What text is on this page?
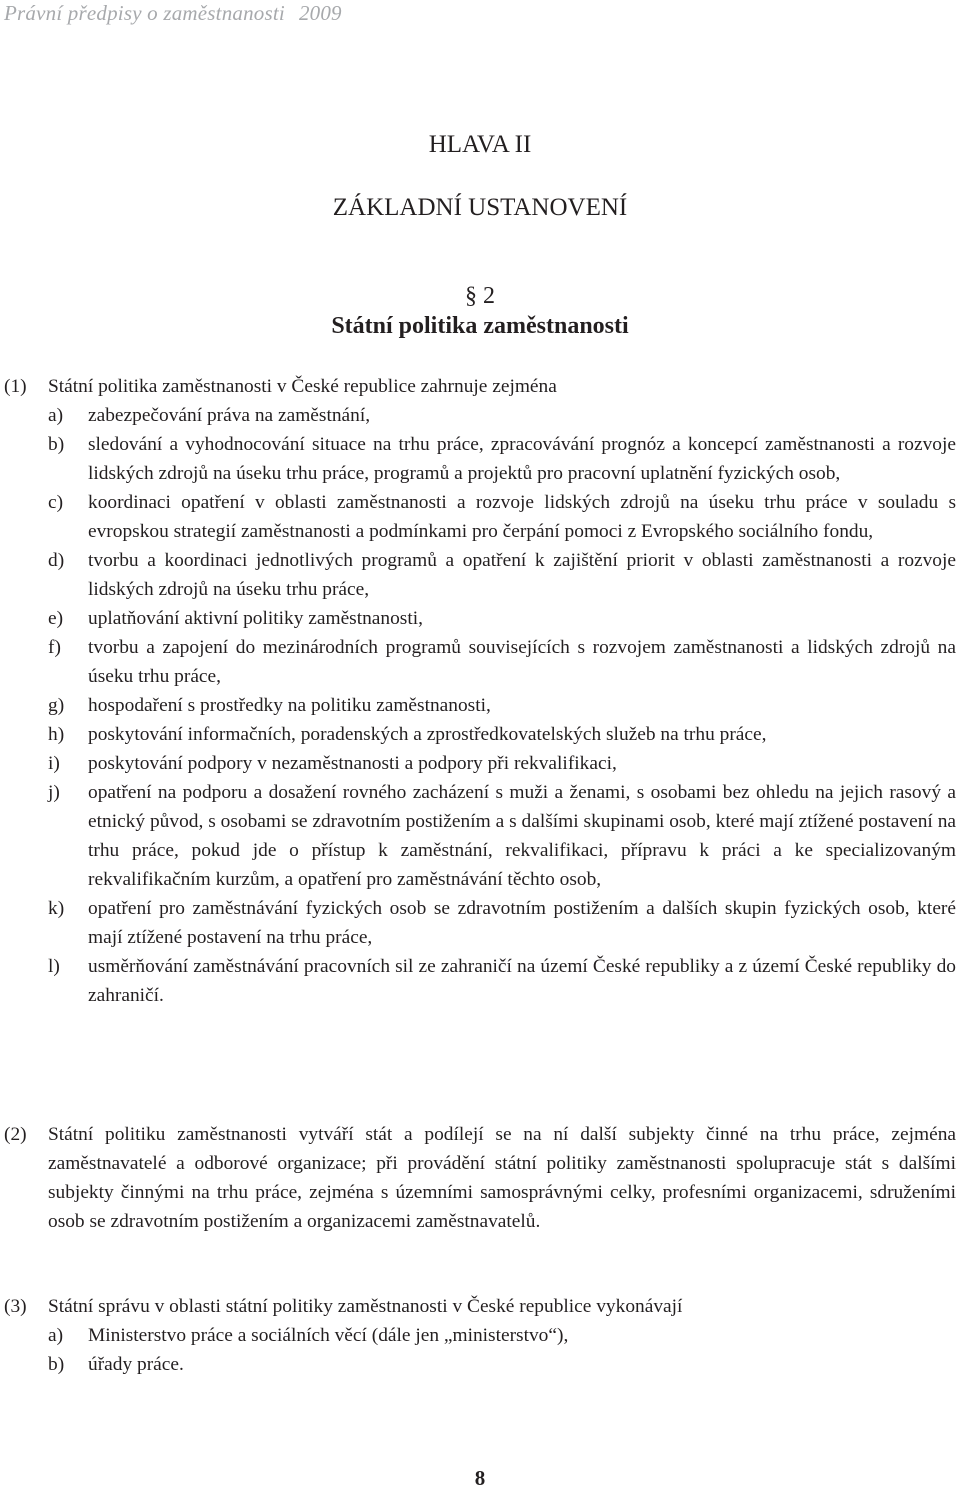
Právní předpisy o zaměstnanosti 2009
HLAVA II
ZÁKLADNÍ USTANOVENÍ
§ 2
Státní politika zaměstnanosti
(1)	Státní politika zaměstnanosti v České republice zahrnuje zejména
a)	zabezpečování práva na zaměstnání,
b)	sledování a vyhodnocování situace na trhu práce, zpracovávání prognóz a koncepcí zaměstnanosti a rozvoje lidských zdrojů na úseku trhu práce, programů a projektů pro pracovní uplatnění fyzických osob,
c)	koordinaci opatření v oblasti zaměstnanosti a rozvoje lidských zdrojů na úseku trhu práce v souladu s evropskou strategií zaměstnanosti a podmínkami pro čerpání pomoci z Evropského sociálního fondu,
d)	tvorbu a koordinaci jednotlivých programů a opatření k zajištění priorit v oblasti zaměstnanosti a rozvoje lidských zdrojů na úseku trhu práce,
e)	uplatňování aktivní politiky zaměstnanosti,
f)	tvorbu a zapojení do mezinárodních programů souvisejících s rozvojem zaměstnanosti a lidských zdrojů na úseku trhu práce,
g)	hospodaření s prostředky na politiku zaměstnanosti,
h)	poskytování informačních, poradenských a zprostředkovatelských služeb na trhu práce,
i)	poskytování podpory v nezaměstnanosti a podpory při rekvalifikaci,
j)	opatření na podporu a dosažení rovného zacházení s muži a ženami, s osobami bez ohledu na jejich rasový a etnický původ, s osobami se zdravotním postižením a s dalšími skupinami osob, které mají ztížené postavení na trhu práce, pokud jde o přístup k zaměstnání, rekvalifikaci, přípravu k práci a ke specializovaným rekvalifikačním kurzům, a opatření pro zaměstnávání těchto osob,
k)	opatření pro zaměstnávání fyzických osob se zdravotním postižením a dalších skupin fyzických osob, které mají ztížené postavení na trhu práce,
l)	usměrňování zaměstnávání pracovních sil ze zahraničí na území České republiky a z území České republiky do zahraničí.
(2)	Státní politiku zaměstnanosti vytváří stát a podílejí se na ní další subjekty činné na trhu práce, zejména zaměstnavatelé a odborové organizace; při provádění státní politiky zaměstnanosti spolupracuje stát s dalšími subjekty činnými na trhu práce, zejména s územními samosprávnými celky, profesními organizacemi, sdruženími osob se zdravotním postižením a organizacemi zaměstnavatelů.
(3)	Státní správu v oblasti státní politiky zaměstnanosti v České republice vykonávají
a)	Ministerstvo práce a sociálních věcí (dále jen „ministerstvo“),
b)	úřady práce.
8
